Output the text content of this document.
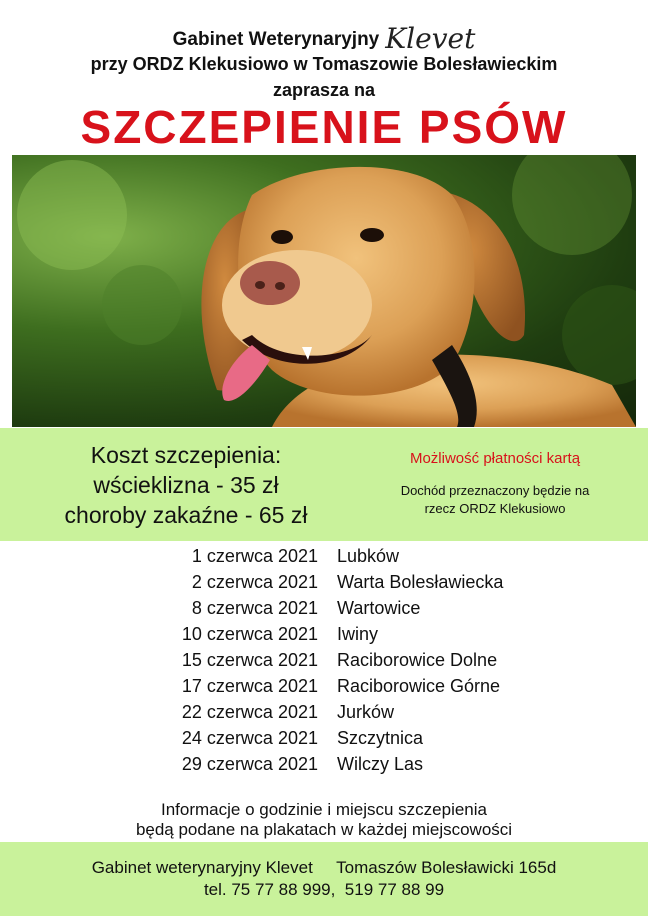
Gabinet Weterynaryjny Klevet
przy ORDZ Klekusiowo w Tomaszowie Bolesławieckim
zaprasza na
SZCZEPIENIE PSÓW
Koszt szczepienia:
wścieklizna - 35 zł
choroby zakaźne - 65 zł
Możliwość płatności kartą
Dochód przeznaczony będzie na
rzecz ORDZ Klekusiowo
1 czerwca 2021 Lubków
2 czerwca 2021 Warta Bolesławiecka
8 czerwca 2021 Wartowice
10 czerwca 2021 Iwiny
15 czerwca 2021 Raciborowice Dolne
17 czerwca 2021 Raciborowice Górne
22 czerwca 2021 Jurków
24 czerwca 2021 Szczytnica
29 czerwca 2021 Wilczy Las
Informacje o godzinie i miejscu szczepienia
będą podane na plakatach w każdej miejscowości
Gabinet weterynaryjny Klevet     Tomaszów Bolesławicki 165d
tel. 75 77 88 999,  519 77 88 99
